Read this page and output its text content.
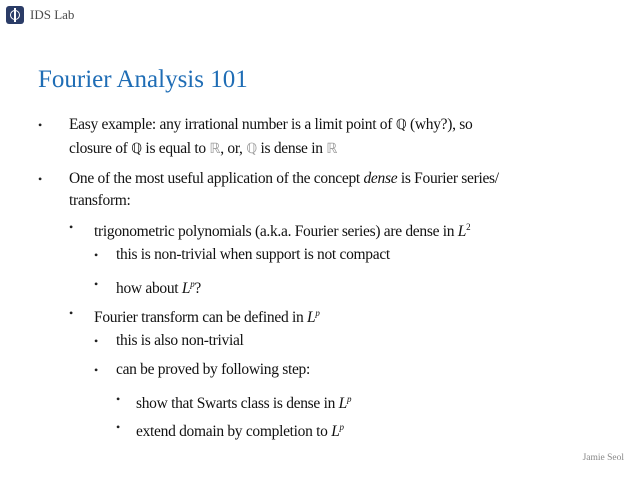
IDS Lab
Fourier Analysis 101
• Easy example: any irrational number is a limit point of ℚ (why?), so
closure of ℚ is equal to ℝ, or, ℚ is dense in ℝ
• One of the most useful application of the concept dense is Fourier series/
transform:
• trigonometric polynomials (a.k.a. Fourier series) are dense in $L^2$
• this is non-trivial when support is not compact
• how about $L^p$?
• Fourier transform can be defined in $L^p$
• this is also non-trivial
• can be proved by following step:
• show that Swarts class is dense in $L^p$
• extend domain by completion to $L^p$
Jamie Seol
